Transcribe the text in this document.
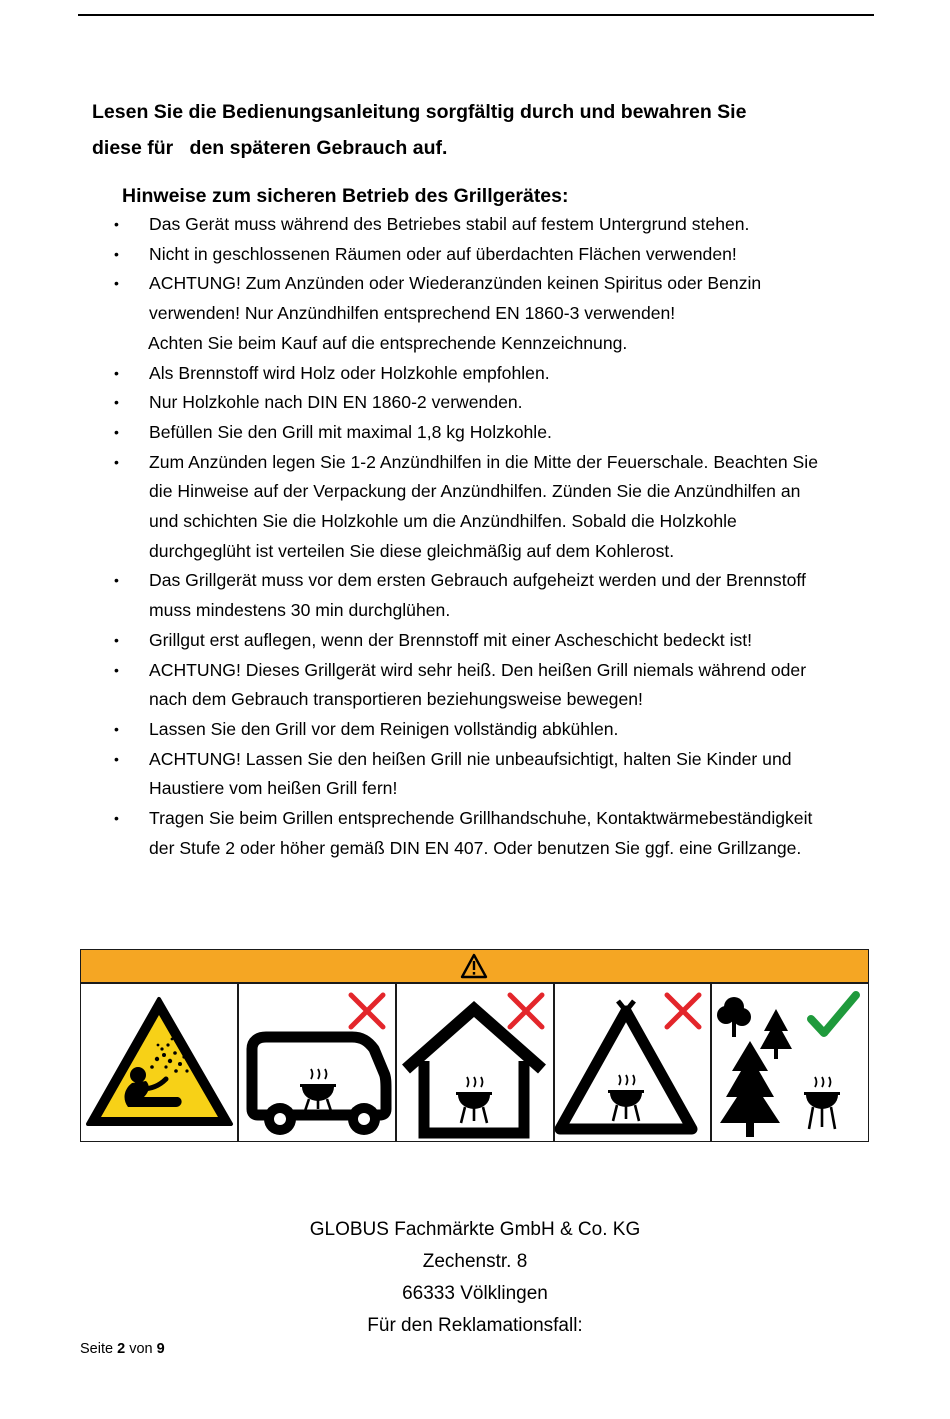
Lesen Sie die Bedienungsanleitung sorgfältig durch und bewahren Sie
diese für   den späteren Gebrauch auf.

Hinweise zum sicheren Betrieb des Grillgerätes:
• Das Gerät muss während des Betriebes stabil auf festem Untergrund stehen.
• Nicht in geschlossenen Räumen oder auf überdachten Flächen verwenden!
• ACHTUNG! Zum Anzünden oder Wiederanzünden keinen Spiritus oder Benzin
verwenden! Nur Anzündhilfen entsprechend EN 1860-3 verwenden!
Achten Sie beim Kauf auf die entsprechende Kennzeichnung.
• Als Brennstoff wird Holz oder Holzkohle empfohlen.
• Nur Holzkohle nach DIN EN 1860-2 verwenden.
• Befüllen Sie den Grill mit maximal 1,8 kg Holzkohle.
• Zum Anzünden legen Sie 1-2 Anzündhilfen in die Mitte der Feuerschale. Beachten Sie
die Hinweise auf der Verpackung der Anzündhilfen. Zünden Sie die Anzündhilfen an
und schichten Sie die Holzkohle um die Anzündhilfen. Sobald die Holzkohle
durchgeglüht ist verteilen Sie diese gleichmäßig auf dem Kohlerost.
• Das Grillgerät muss vor dem ersten Gebrauch aufgeheizt werden und der Brennstoff
muss mindestens 30 min durchglühen.
• Grillgut erst auflegen, wenn der Brennstoff mit einer Ascheschicht bedeckt ist!
• ACHTUNG! Dieses Grillgerät wird sehr heiß. Den heißen Grill niemals während oder
nach dem Gebrauch transportieren beziehungsweise bewegen!
• Lassen Sie den Grill vor dem Reinigen vollständig abkühlen.
• ACHTUNG! Lassen Sie den heißen Grill nie unbeaufsichtigt, halten Sie Kinder und
Haustiere vom heißen Grill fern!
• Tragen Sie beim Grillen entsprechende Grillhandschuhe, Kontaktwärmebeständigkeit
der Stufe 2 oder höher gemäß DIN EN 407. Oder benutzen Sie ggf. eine Grillzange.

GLOBUS Fachmärkte GmbH & Co. KG
Zechenstr. 8
66333 Völklingen
Für den Reklamationsfall:

Seite 2 von 9
